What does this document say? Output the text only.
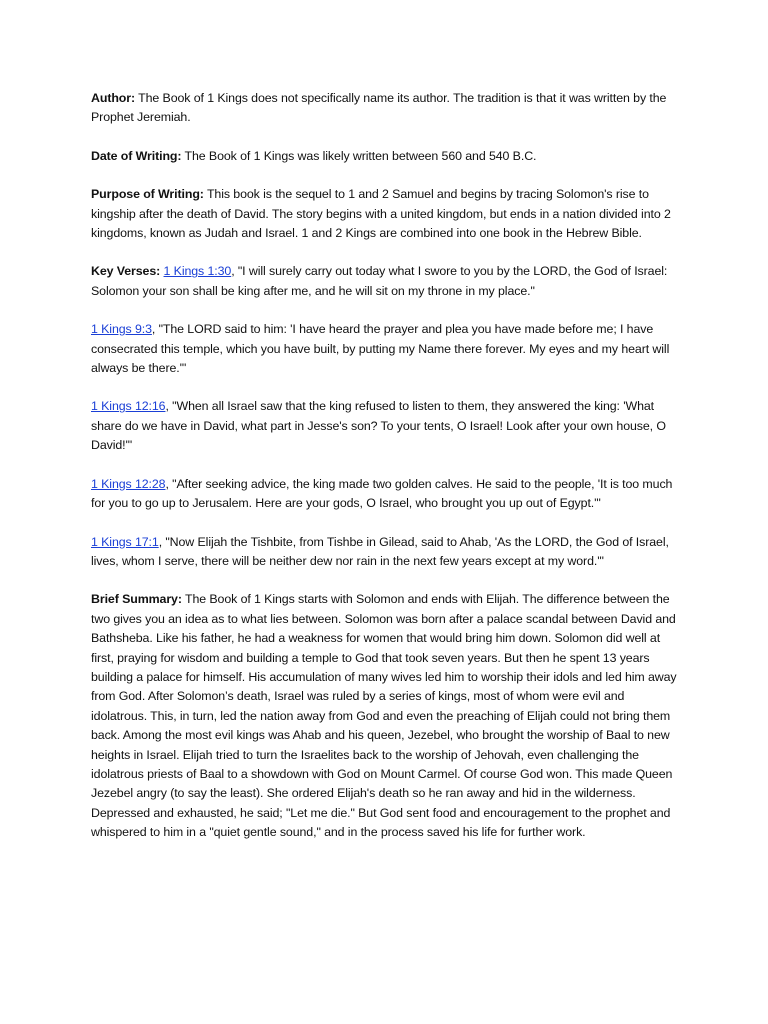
Author: The Book of 1 Kings does not specifically name its author. The tradition is that it was written by the Prophet Jeremiah.

Date of Writing: The Book of 1 Kings was likely written between 560 and 540 B.C.

Purpose of Writing: This book is the sequel to 1 and 2 Samuel and begins by tracing Solomon's rise to kingship after the death of David. The story begins with a united kingdom, but ends in a nation divided into 2 kingdoms, known as Judah and Israel. 1 and 2 Kings are combined into one book in the Hebrew Bible.

Key Verses: 1 Kings 1:30, "I will surely carry out today what I swore to you by the LORD, the God of Israel: Solomon your son shall be king after me, and he will sit on my throne in my place."

1 Kings 9:3, "The LORD said to him: 'I have heard the prayer and plea you have made before me; I have consecrated this temple, which you have built, by putting my Name there forever. My eyes and my heart will always be there.'"

1 Kings 12:16, "When all Israel saw that the king refused to listen to them, they answered the king: 'What share do we have in David, what part in Jesse's son? To your tents, O Israel! Look after your own house, O David!'"

1 Kings 12:28, "After seeking advice, the king made two golden calves. He said to the people, 'It is too much for you to go up to Jerusalem. Here are your gods, O Israel, who brought you up out of Egypt.'"

1 Kings 17:1, "Now Elijah the Tishbite, from Tishbe in Gilead, said to Ahab, 'As the LORD, the God of Israel, lives, whom I serve, there will be neither dew nor rain in the next few years except at my word.'"

Brief Summary: The Book of 1 Kings starts with Solomon and ends with Elijah. The difference between the two gives you an idea as to what lies between. Solomon was born after a palace scandal between David and Bathsheba. Like his father, he had a weakness for women that would bring him down. Solomon did well at first, praying for wisdom and building a temple to God that took seven years. But then he spent 13 years building a palace for himself. His accumulation of many wives led him to worship their idols and led him away from God. After Solomon’s death, Israel was ruled by a series of kings, most of whom were evil and idolatrous. This, in turn, led the nation away from God and even the preaching of Elijah could not bring them back. Among the most evil kings was Ahab and his queen, Jezebel, who brought the worship of Baal to new heights in Israel. Elijah tried to turn the Israelites back to the worship of Jehovah, even challenging the idolatrous priests of Baal to a showdown with God on Mount Carmel. Of course God won. This made Queen Jezebel angry (to say the least). She ordered Elijah's death so he ran away and hid in the wilderness. Depressed and exhausted, he said; "Let me die." But God sent food and encouragement to the prophet and whispered to him in a "quiet gentle sound," and in the process saved his life for further work.
